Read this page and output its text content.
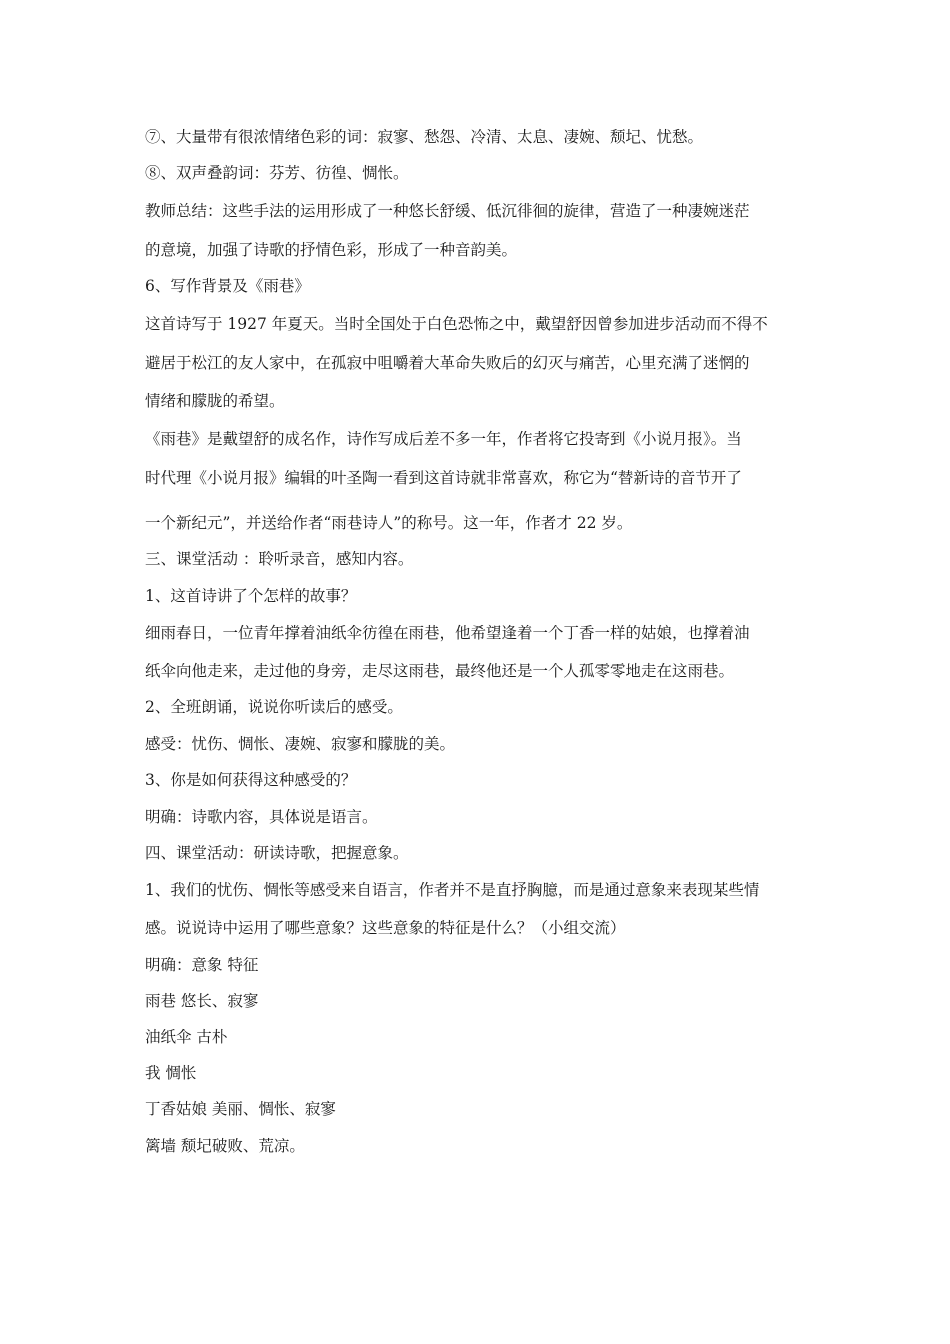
⑦、大量带有很浓情绪色彩的词：寂寥、愁怨、冷清、太息、凄婉、颓圮、忧愁。
⑧、双声叠韵词：芬芳、彷徨、惆怅。
教师总结：这些手法的运用形成了一种悠长舒缓、低沉徘徊的旋律，营造了一种凄婉迷茫
的意境，加强了诗歌的抒情色彩，形成了一种音韵美。
6、写作背景及《雨巷》
这首诗写于 1927 年夏天。当时全国处于白色恐怖之中，戴望舒因曾参加进步活动而不得不
避居于松江的友人家中，在孤寂中咀嚼着大革命失败后的幻灭与痛苦，心里充满了迷惘的
情绪和朦胧的希望。
《雨巷》是戴望舒的成名作，诗作写成后差不多一年，作者将它投寄到《小说月报》。当
时代理《小说月报》编辑的叶圣陶一看到这首诗就非常喜欢，称它为“替新诗的音节开了
一个新纪元”，并送给作者“雨巷诗人”的称号。这一年，作者才 22 岁。
三、课堂活动 ：聆听录音，感知内容。
1、这首诗讲了个怎样的故事？
细雨春日，一位青年撑着油纸伞彷徨在雨巷，他希望逢着一个丁香一样的姑娘，也撑着油
纸伞向他走来，走过他的身旁，走尽这雨巷，最终他还是一个人孤零零地走在这雨巷。
2、全班朗诵，说说你听读后的感受。
感受：忧伤、惆怅、凄婉、寂寥和朦胧的美。
3、你是如何获得这种感受的？
明确：诗歌内容，具体说是语言。
四、课堂活动：研读诗歌，把握意象。
1、我们的忧伤、惆怅等感受来自语言，作者并不是直抒胸臆，而是通过意象来表现某些情
感。说说诗中运用了哪些意象？这些意象的特征是什么？（小组交流）
明确：意象 特征
雨巷 悠长、寂寥
油纸伞 古朴
我 惆怅
丁香姑娘 美丽、惆怅、寂寥
篱墙 颓圮破败、荒凉。
